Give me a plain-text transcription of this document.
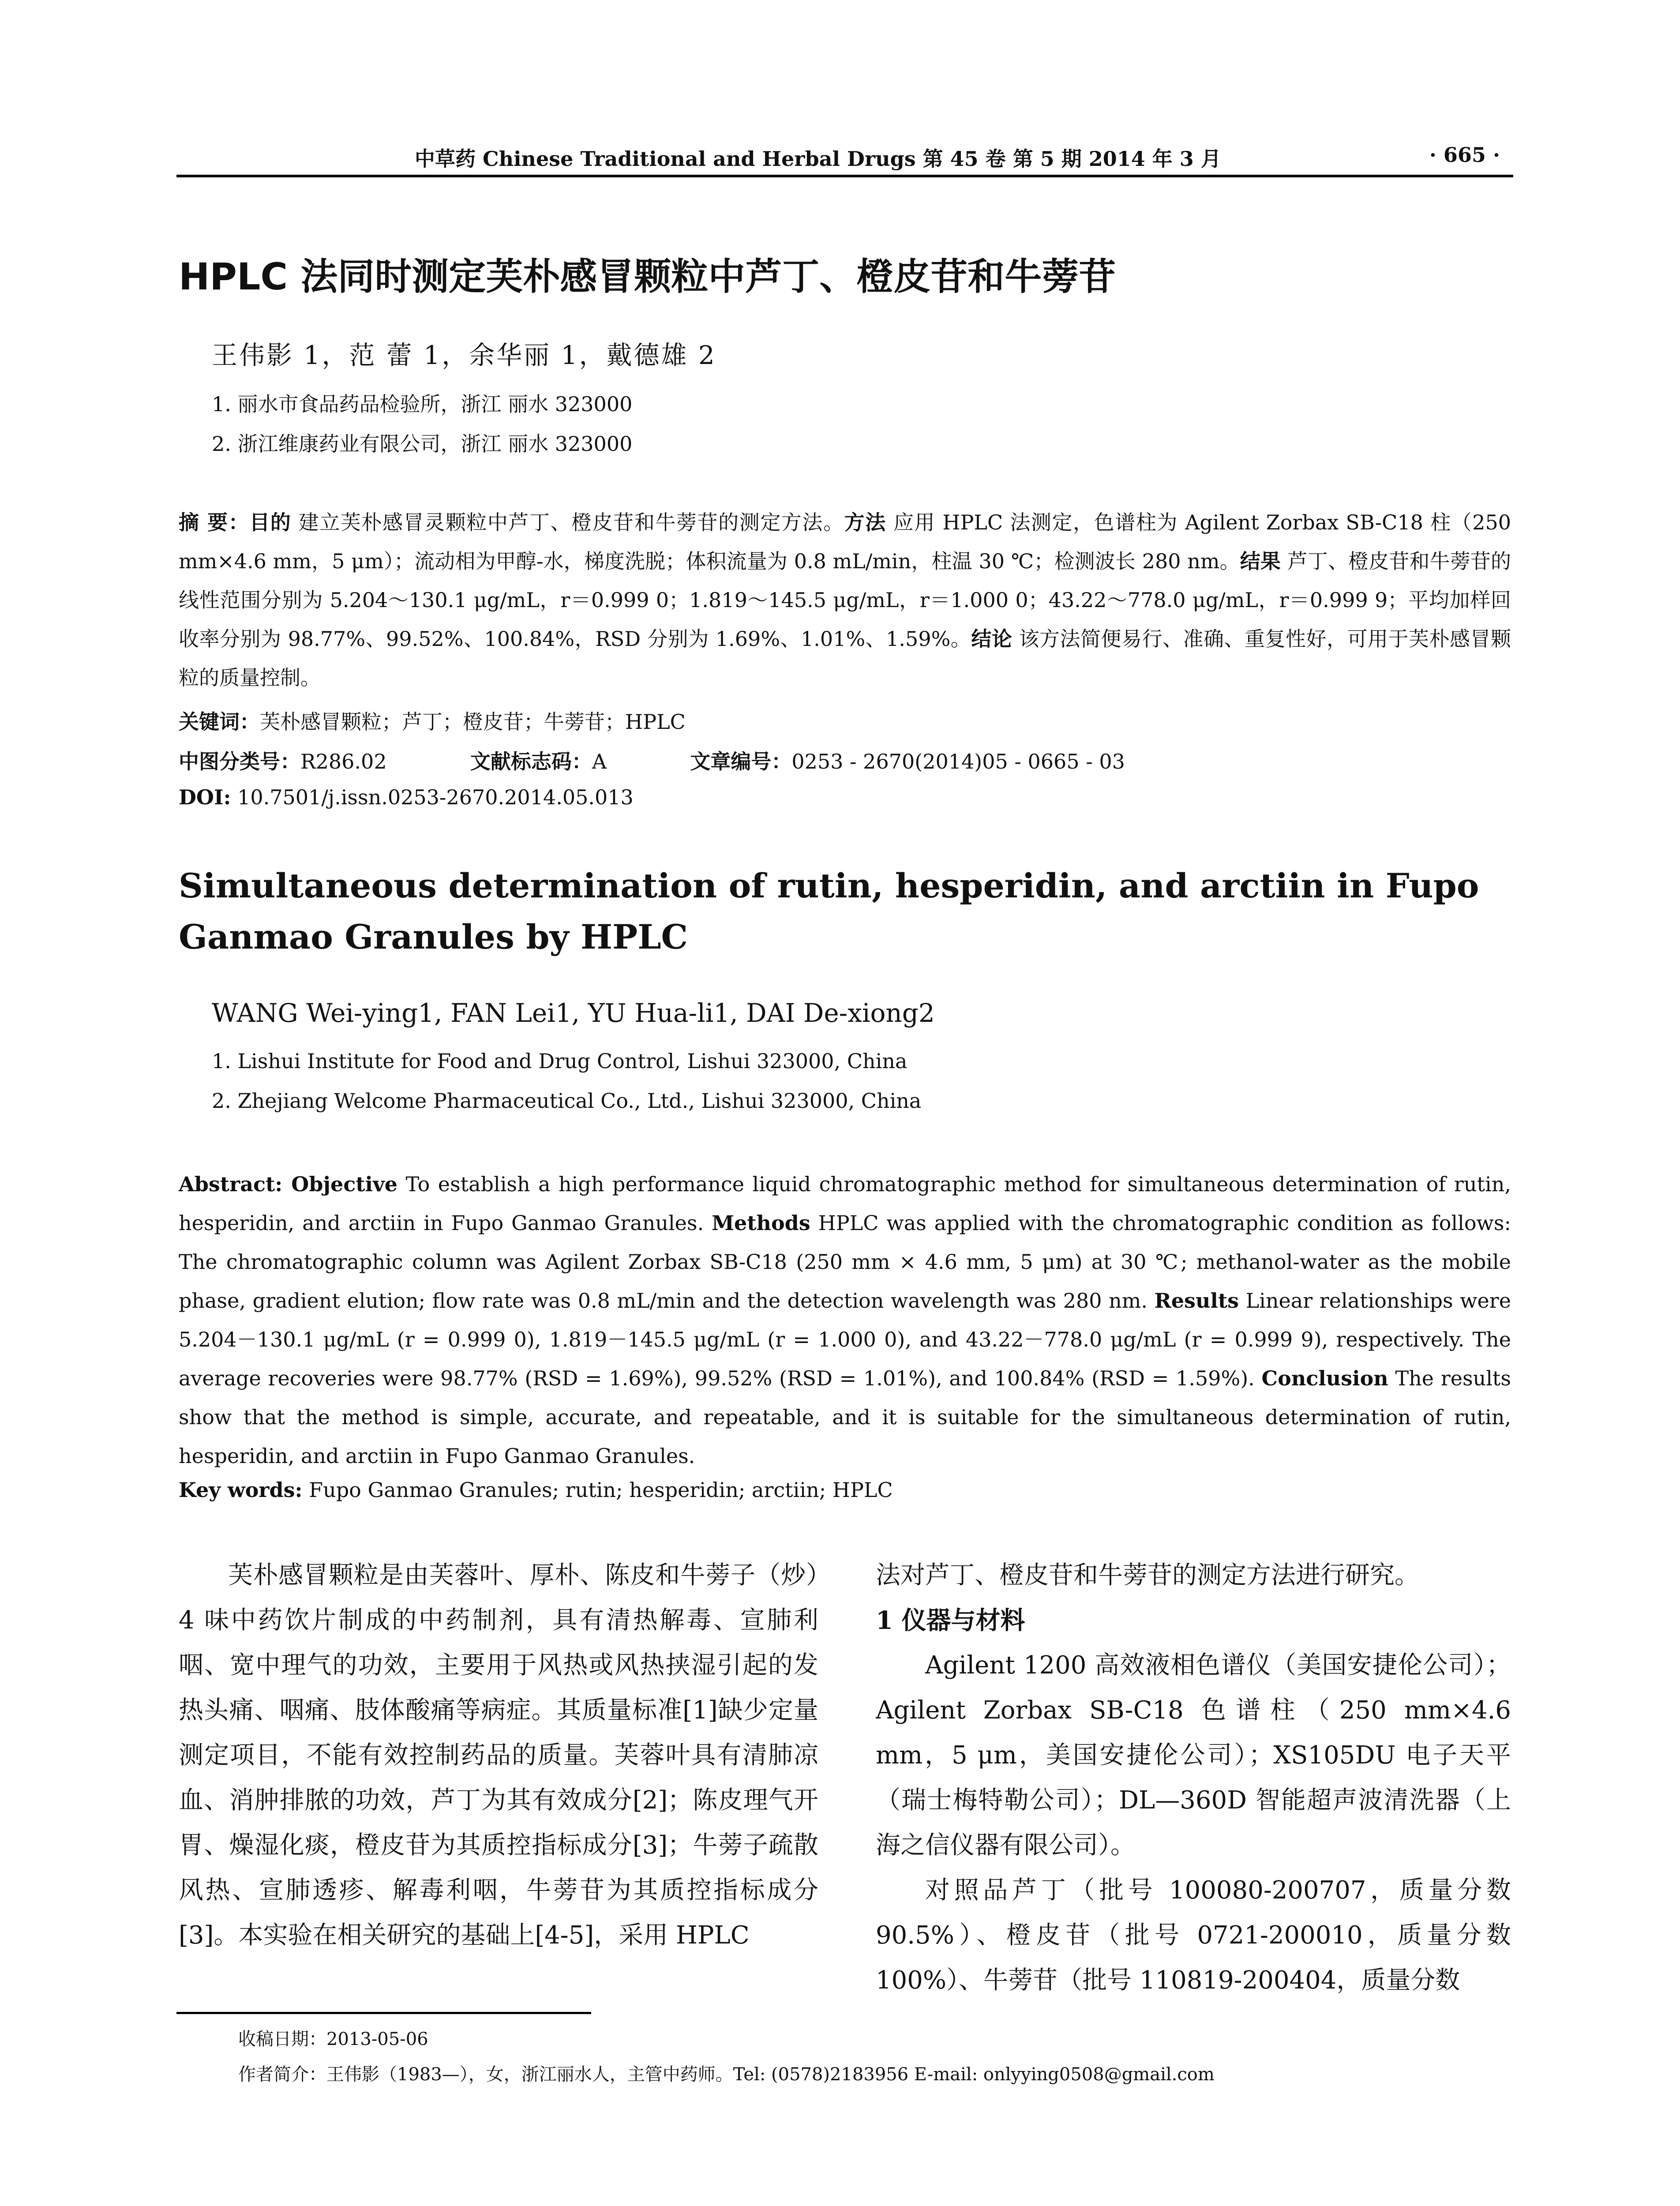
中草药 Chinese Traditional and Herbal Drugs 第 45 卷 第 5 期 2014 年 3 月	· 665 ·
HPLC 法同时测定芙朴感冒颗粒中芦丁、橙皮苷和牛蒡苷
王伟影 1，范 蕾 1，余华丽 1，戴德雄 2
1. 丽水市食品药品检验所，浙江 丽水 323000
2. 浙江维康药业有限公司，浙江 丽水 323000
摘 要：目的 建立芙朴感冒灵颗粒中芦丁、橙皮苷和牛蒡苷的测定方法。方法 应用 HPLC 法测定，色谱柱为 Agilent Zorbax SB-C18 柱（250 mm×4.6 mm，5 μm）；流动相为甲醇-水，梯度洗脱；体积流量为 0.8 mL/min，柱温 30 ℃；检测波长 280 nm。结果 芦丁、橙皮苷和牛蒡苷的线性范围分别为 5.204～130.1 μg/mL，r＝0.999 0；1.819～145.5 μg/mL，r＝1.000 0；43.22～778.0 μg/mL，r＝0.999 9；平均加样回收率分别为 98.77%、99.52%、100.84%，RSD 分别为 1.69%、1.01%、1.59%。结论 该方法简便易行、准确、重复性好，可用于芙朴感冒颗粒的质量控制。
关键词：芙朴感冒颗粒；芦丁；橙皮苷；牛蒡苷；HPLC
中图分类号：R286.02	文献标志码：A	文章编号：0253 - 2670(2014)05 - 0665 - 03
DOI: 10.7501/j.issn.0253-2670.2014.05.013
Simultaneous determination of rutin, hesperidin, and arctiin in Fupo Ganmao Granules by HPLC
WANG Wei-ying1, FAN Lei1, YU Hua-li1, DAI De-xiong2
1. Lishui Institute for Food and Drug Control, Lishui 323000, China
2. Zhejiang Welcome Pharmaceutical Co., Ltd., Lishui 323000, China
Abstract: Objective To establish a high performance liquid chromatographic method for simultaneous determination of rutin, hesperidin, and arctiin in Fupo Ganmao Granules. Methods HPLC was applied with the chromatographic condition as follows: The chromatographic column was Agilent Zorbax SB-C18 (250 mm × 4.6 mm, 5 μm) at 30 ℃; methanol-water as the mobile phase, gradient elution; flow rate was 0.8 mL/min and the detection wavelength was 280 nm. Results Linear relationships were 5.204－130.1 μg/mL (r = 0.999 0), 1.819－145.5 μg/mL (r = 1.000 0), and 43.22－778.0 μg/mL (r = 0.999 9), respectively. The average recoveries were 98.77% (RSD = 1.69%), 99.52% (RSD = 1.01%), and 100.84% (RSD = 1.59%). Conclusion The results show that the method is simple, accurate, and repeatable, and it is suitable for the simultaneous determination of rutin, hesperidin, and arctiin in Fupo Ganmao Granules.
Key words: Fupo Ganmao Granules; rutin; hesperidin; arctiin; HPLC

芙朴感冒颗粒是由芙蓉叶、厚朴、陈皮和牛蒡子（炒）4 味中药饮片制成的中药制剂，具有清热解毒、宣肺利咽、宽中理气的功效，主要用于风热或风热挟湿引起的发热头痛、咽痛、肢体酸痛等病症。其质量标准[1]缺少定量测定项目，不能有效控制药品的质量。芙蓉叶具有清肺凉血、消肿排脓的功效，芦丁为其有效成分[2]；陈皮理气开胃、燥湿化痰，橙皮苷为其质控指标成分[3]；牛蒡子疏散风热、宣肺透疹、解毒利咽，牛蒡苷为其质控指标成分[3]。本实验在相关研究的基础上[4-5]，采用 HPLC

法对芦丁、橙皮苷和牛蒡苷的测定方法进行研究。

1 仪器与材料

Agilent 1200 高效液相色谱仪（美国安捷伦公司）；Agilent Zorbax SB-C18 色谱柱（250 mm×4.6 mm，5 μm，美国安捷伦公司）；XS105DU 电子天平（瑞士梅特勒公司）；DL—360D 智能超声波清洗器（上海之信仪器有限公司）。

对照品芦丁（批号 100080-200707，质量分数 90.5%）、橙皮苷（批号 0721-200010，质量分数 100%）、牛蒡苷（批号 110819-200404，质量分数

收稿日期：2013-05-06
作者简介：王伟影（1983—），女，浙江丽水人，主管中药师。Tel: (0578)2183956 E-mail: onlyying0508@gmail.com
